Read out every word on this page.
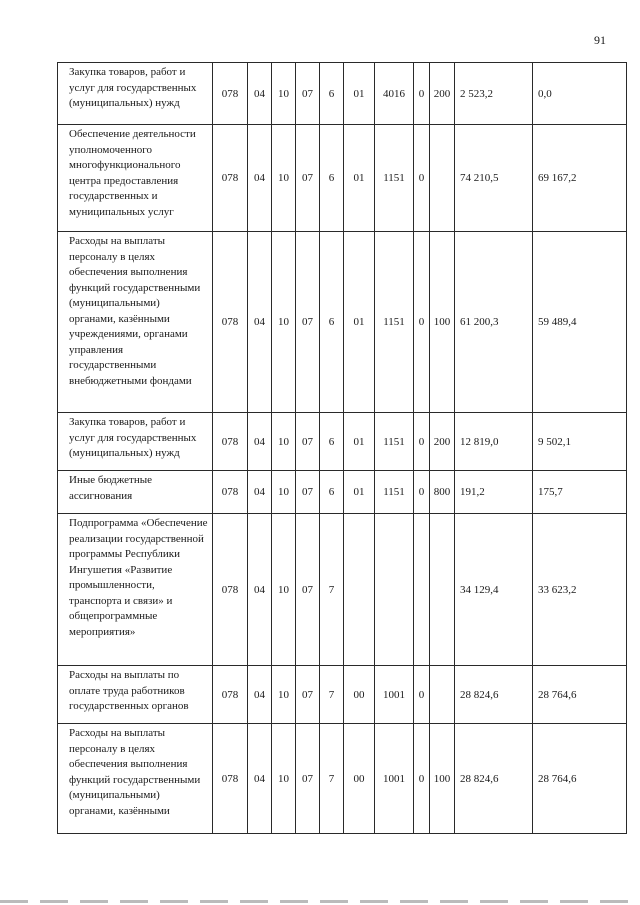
91
Закупка товаров, работ и услуг для государственных (муниципальных) нужд	078	04	10	07	6	01	4016	0	200	2 523,2	0,0
Обеспечение деятельности уполномоченного многофункционального центра предоставления государственных и муниципальных услуг	078	04	10	07	6	01	1151	0		74 210,5	69 167,2
Расходы на выплаты персоналу в целях обеспечения выполнения функций государственными (муниципальными) органами, казёнными учреждениями, органами управления государственными внебюджетными фондами	078	04	10	07	6	01	1151	0	100	61 200,3	59 489,4
Закупка товаров, работ и услуг для государственных (муниципальных) нужд	078	04	10	07	6	01	1151	0	200	12 819,0	9 502,1
Иные бюджетные ассигнования	078	04	10	07	6	01	1151	0	800	191,2	175,7
Подпрограмма «Обеспечение реализации государственной программы Республики Ингушетия «Развитие промышленности, транспорта и связи» и общепрограммные мероприятия»	078	04	10	07	7					34 129,4	33 623,2
Расходы на выплаты по оплате труда работников государственных органов	078	04	10	07	7	00	1001	0		28 824,6	28 764,6
Расходы на выплаты персоналу в целях обеспечения выполнения функций государственными (муниципальными) органами, казёнными	078	04	10	07	7	00	1001	0	100	28 824,6	28 764,6
